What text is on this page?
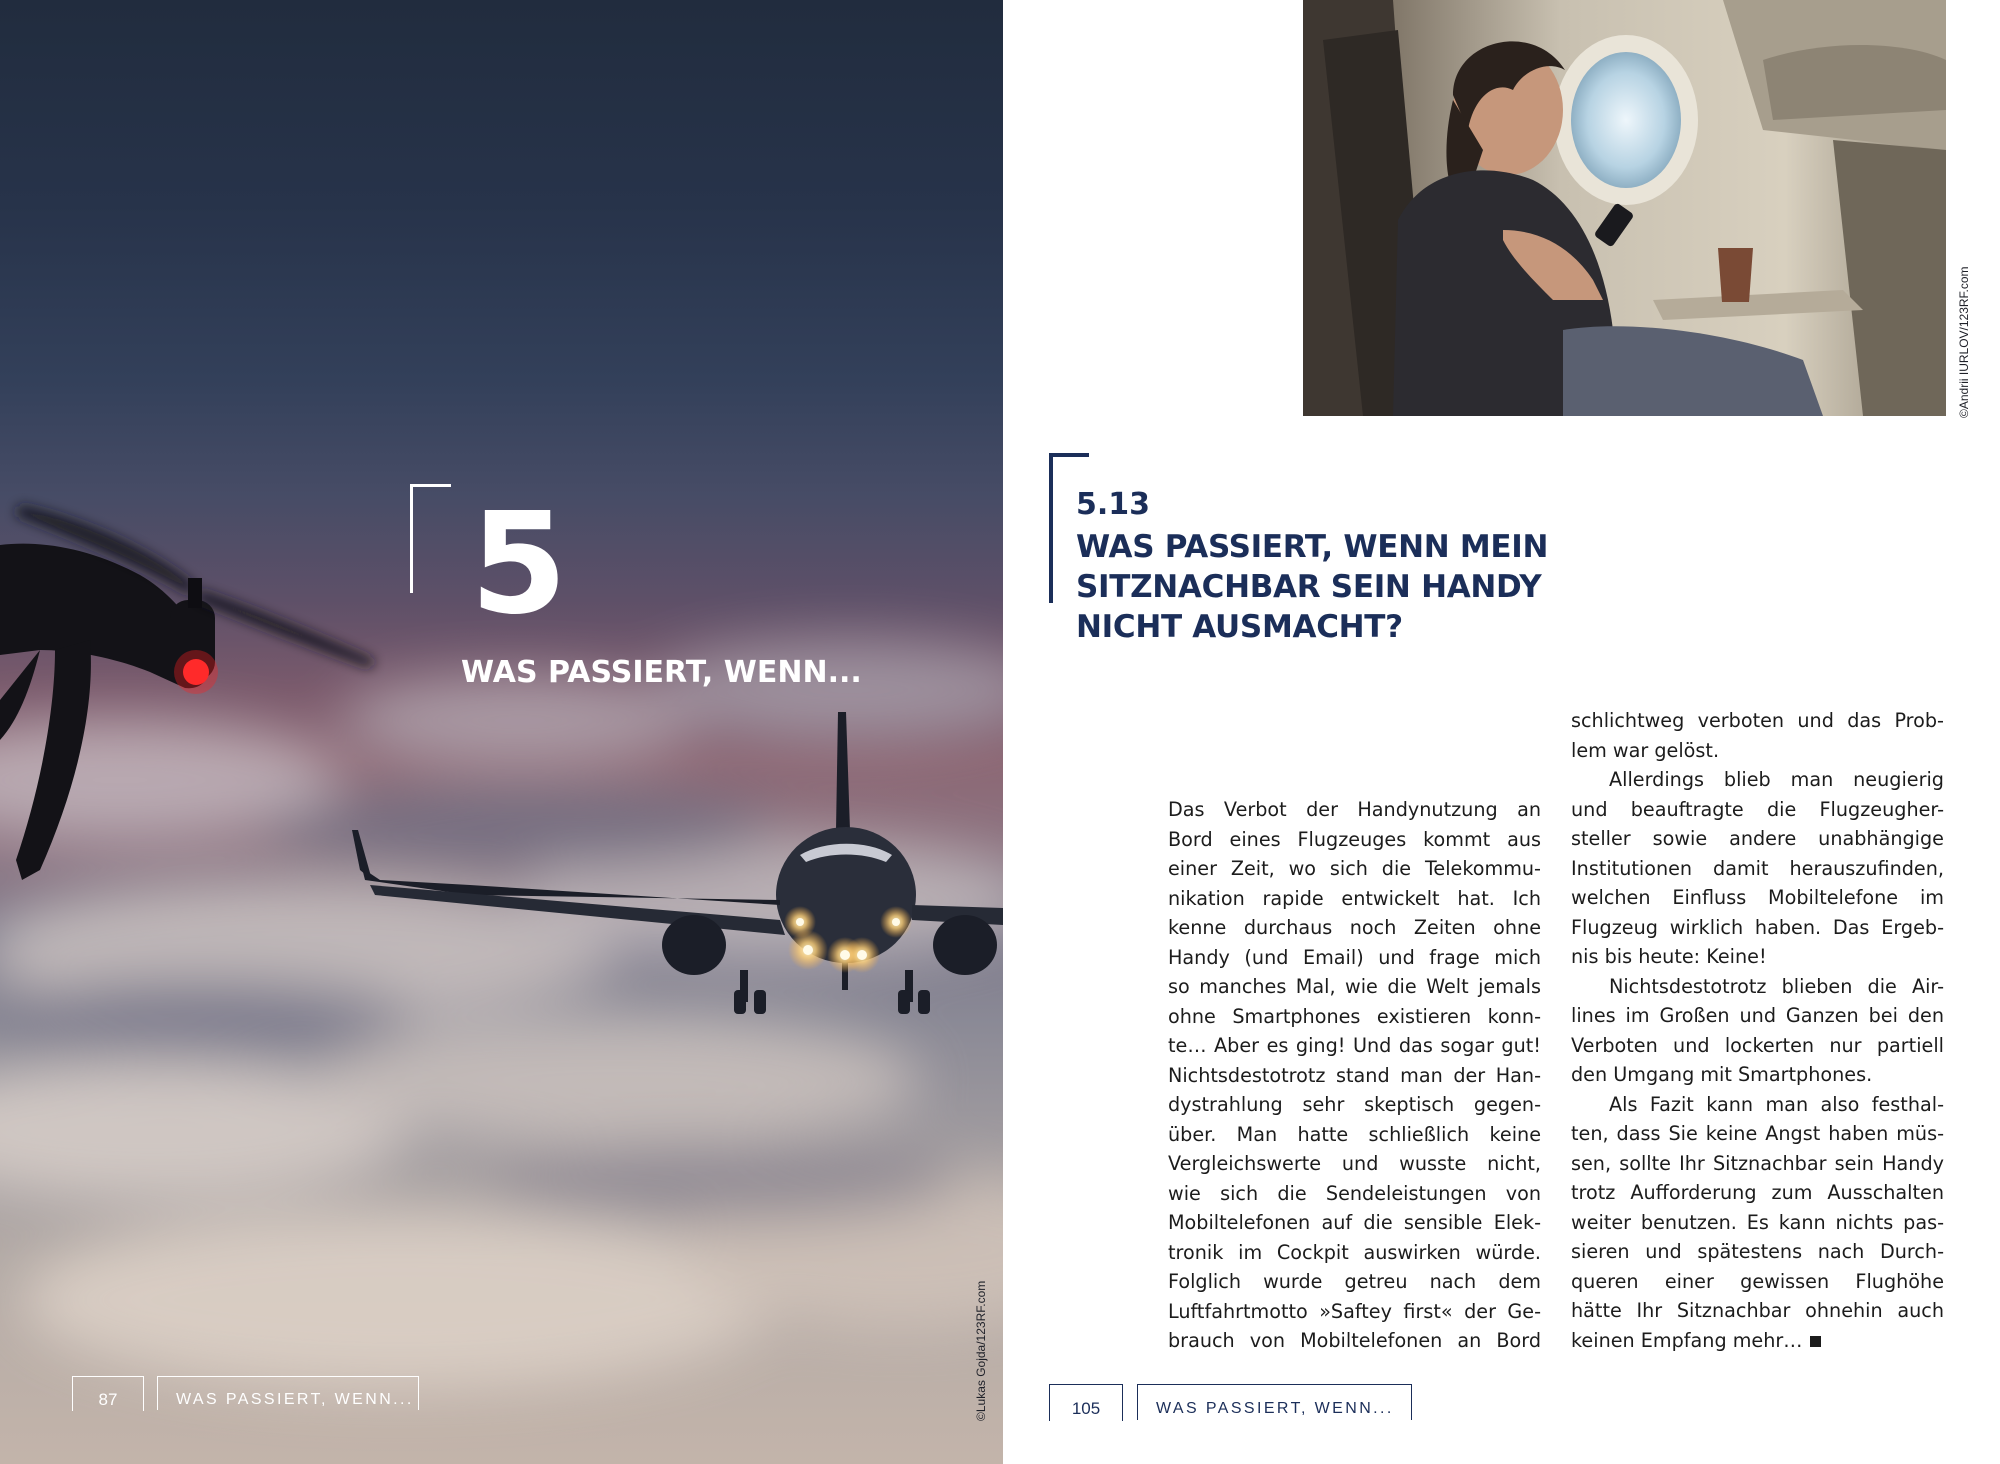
5
WAS PASSIERT, WENN...
©Lukas Gojda/123RF.com
87	WAS PASSIERT, WENN...
©Andrii IURLOV/123RF.com
5.13
WAS PASSIERT, WENN MEIN
SITZNACHBAR SEIN HANDY
NICHT AUSMACHT?
Das Verbot der Handynutzung an
Bord eines Flugzeuges kommt aus
einer Zeit, wo sich die Telekommu-
nikation rapide entwickelt hat. Ich
kenne durchaus noch Zeiten ohne
Handy (und Email) und frage mich
so manches Mal, wie die Welt jemals
ohne Smartphones existieren konn-
te… Aber es ging! Und das sogar gut!
Nichtsdestotrotz stand man der Han-
dystrahlung sehr skeptisch gegen-
über. Man hatte schließlich keine
Vergleichswerte und wusste nicht,
wie sich die Sendeleistungen von
Mobiltelefonen auf die sensible Elek-
tronik im Cockpit auswirken würde.
Folglich wurde getreu nach dem
Luftfahrtmotto »Saftey first« der Ge-
brauch von Mobiltelefonen an Bord
schlichtweg verboten und das Prob-
lem war gelöst.
Allerdings blieb man neugierig
und beauftragte die Flugzeugher-
steller sowie andere unabhängige
Institutionen damit herauszufinden,
welchen Einfluss Mobiltelefone im
Flugzeug wirklich haben. Das Ergeb-
nis bis heute: Keine!
Nichtsdestotrotz blieben die Air-
lines im Großen und Ganzen bei den
Verboten und lockerten nur partiell
den Umgang mit Smartphones.
Als Fazit kann man also festhal-
ten, dass Sie keine Angst haben müs-
sen, sollte Ihr Sitznachbar sein Handy
trotz Aufforderung zum Ausschalten
weiter benutzen. Es kann nichts pas-
sieren und spätestens nach Durch-
queren einer gewissen Flughöhe
hätte Ihr Sitznachbar ohnehin auch
keinen Empfang mehr…
105	WAS PASSIERT, WENN...
